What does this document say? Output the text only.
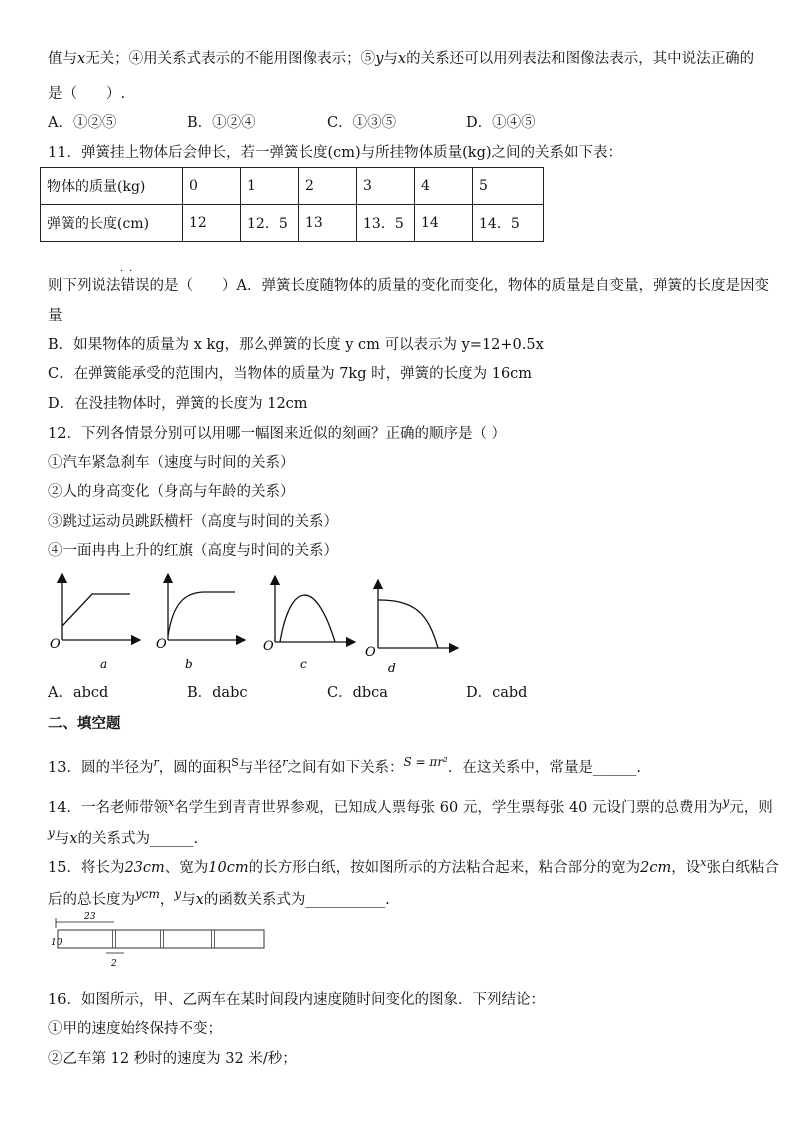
值与x无关；④用关系式表示的不能用图像表示；⑤y与x的关系还可以用列表法和图像法表示，其中说法正确的
是（　　）.
A．①②⑤	B．①②④	C．①③⑤	D．①④⑤
11．弹簧挂上物体后会伸长，若一弹簧长度(cm)与所挂物体质量(kg)之间的关系如下表：
物体的质量(kg)	0	1	2	3	4	5
弹簧的长度(cm)	12	12．5	13	13．5	14	14．5
··
则下列说法错误的是（　　）A．弹簧长度随物体的质量的变化而变化，物体的质量是自变量，弹簧的长度是因变
量
B．如果物体的质量为 x kg，那么弹簧的长度 y cm 可以表示为 y=12+0.5x
C．在弹簧能承受的范围内，当物体的质量为 7kg 时，弹簧的长度为 16cm
D．在没挂物体时，弹簧的长度为 12cm
12．下列各情景分别可以用哪一幅图来近似的刻画？正确的顺序是（ ）
①汽车紧急刹车（速度与时间的关系）
②人的身高变化（身高与年龄的关系）
③跳过运动员跳跃横杆（高度与时间的关系）
④一面冉冉上升的红旗（高度与时间的关系）
O
a
O
b
O
c
O
d
A．abcd	B．dabc	C．dbca	D．cabd
二、填空题
13．圆的半径为$^r$，圆的面积$^S$与半径$^r$之间有如下关系：$^{S = \pi r^2}$．在这关系中，常量是______.
14．一名老师带领$^x$名学生到青青世界参观，已知成人票每张 60 元，学生票每张 40 元设门票的总费用为$^y$元，则
$^y$与x的关系式为______.
15．将长为23cm、宽为10cm的长方形白纸，按如图所示的方法粘合起来，粘合部分的宽为2cm，设$^x$张白纸粘合
后的总长度为$^{ycm}$，$^y$与x的函数关系式为___________.
23
10
2
16．如图所示，甲、乙两车在某时间段内速度随时间变化的图象．下列结论：
①甲的速度始终保持不变；
②乙车第 12 秒时的速度为 32 米/秒；
